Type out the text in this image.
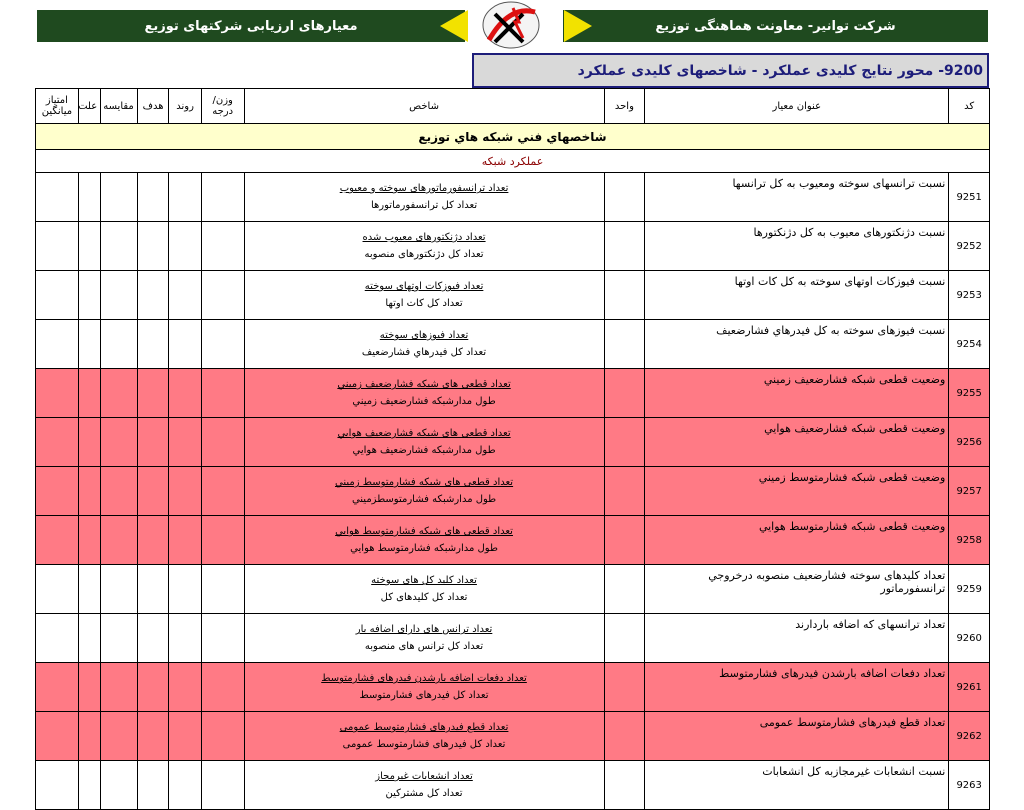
شرکت توانیر- معاونت هماهنگی توزیع
معیارهای ارزیابی شرکتهای توزیع
9200- محور نتايج كليدی عملكرد - شاخصهای کلیدی عملكرد
کد	عنوان معيار	واحد	شاخص	وزن/ درجه	روند	هدف	مقايسه	علت	امتیاز میانگین
شاخصهاي فني شبكه هاي توزيع									
عملکرد شبکه									
9251	نسبت ترانسهای سوخته ومعيوب به کل ترانسها		تعداد ترانسفورماتورهای سوخته و معيوب
تعداد كل ترانسفورماتورها						

9252	نسبت دژنكتورهای معيوب به کل دژنكتورها		تعداد دژنكتورهای معيوب شده
تعداد كل دژنكتورهای منصوبه						

9253	نسبت فیوزکات اوتهای سوخته به کل کات اوتها		تعداد فیوزکات اوتهای سوخته
تعداد کل کات اوتها						

9254	نسبت فیوزهای سوخته به کل فيدرهاي فشارضعيف		تعداد فيوزهای سوخته
تعداد كل فيدرهاي فشارضعيف						

9255	وضعيت قطعی شبكه فشارضعيف زميني		تعداد قطعی های شبكه فشارضعيف زميني
طول مدارشبكه فشارضعيف زميني						

9256	وضعيت قطعی شبكه فشارضعيف هوايي		تعداد قطعی های شبكه فشارضعيف هوايي
طول مدارشبكه فشارضعيف هوايي						

9257	وضعيت قطعی شبكه فشارمتوسط زميني		تعداد قطعی های شبكه فشارمتوسط زميني
طول مدارشبكه فشارمتوسطزميني						

9258	وضعيت قطعی شبكه فشارمتوسط هوايي		تعداد قطعی های شبكه فشارمتوسط هوايي
طول مدارشبكه فشارمتوسط هوايي						

9259	تعداد کلیدهای سوخته فشارضعیف منصوبه درخروجي ترانسفورماتور		تعداد كليد كل های سوخته
تعداد کل کلیدهای کل						

9260	تعداد ترانسهای که اضافه باردارند		تعداد ترانس های دارای اضافه بار
تعداد كل ترانس های منصوبه						

9261	تعداد دفعات اضافه بارشدن فيدرهای فشارمتوسط		تعداد دفعات اضافه بارشدن فيدرهای فشارمتوسط
تعداد كل فيدرهای فشارمتوسط						

9262	تعداد قطع فيدرهای فشارمتوسط عمومی		تعداد قطع فيدرهای فشارمتوسط عمومی
تعداد كل فيدرهای فشارمتوسط عمومی						

9263	نسبت انشعابات غیرمجازبه کل انشعابات		تعداد انشعابات غیرمجاز
تعداد کل مشترکین						
